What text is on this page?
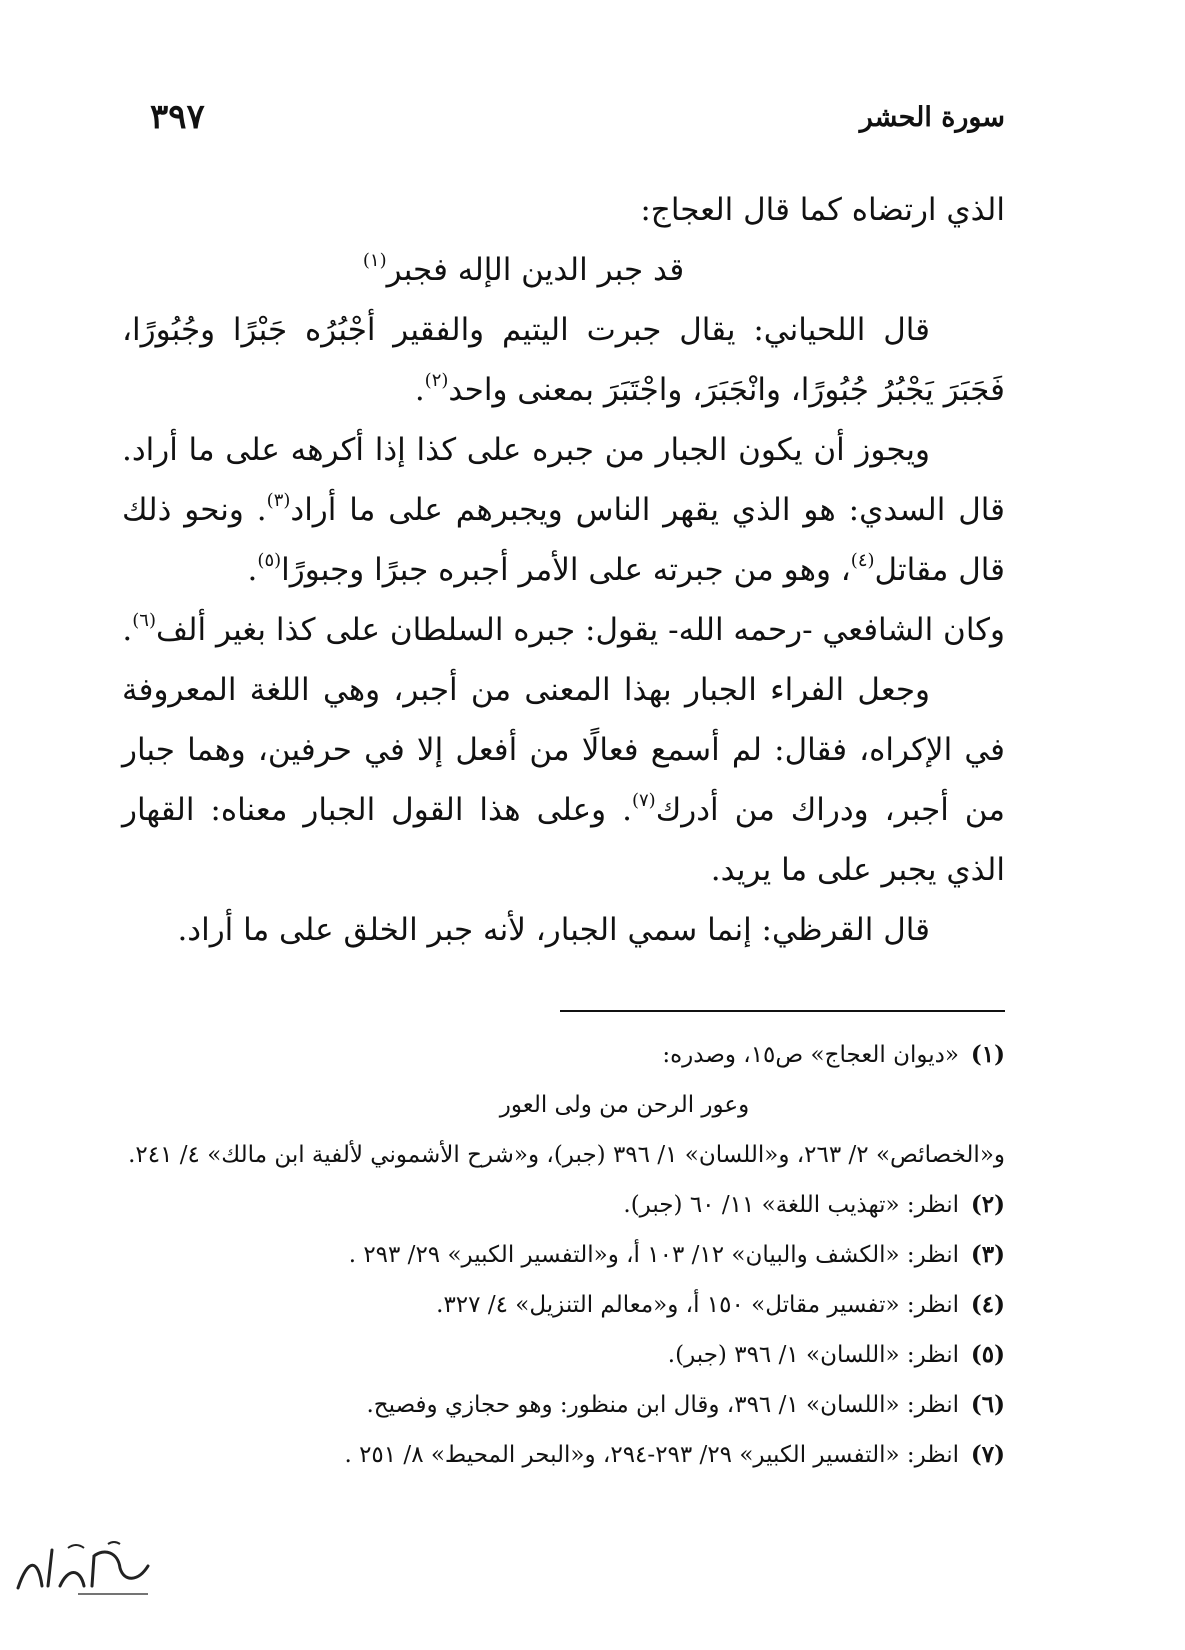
سورة الحشر
٣٩٧

الذي ارتضاه كما قال العجاج:

قد جبر الدين الإله فجبر$^{(١)}$

قال اللحياني: يقال جبرت اليتيم والفقير أجْبُرُه جَبْرًا وجُبُورًا، فَجَبَرَ يَجْبُرُ جُبُورًا، وانْجَبَرَ، واجْتَبَرَ بمعنى واحد$^{(٢)}$.

ويجوز أن يكون الجبار من جبره على كذا إذا أكرهه على ما أراد. قال السدي: هو الذي يقهر الناس ويجبرهم على ما أراد$^{(٣)}$. ونحو ذلك قال مقاتل$^{(٤)}$، وهو من جبرته على الأمر أجبره جبرًا وجبورًا$^{(٥)}$.

وكان الشافعي -رحمه الله- يقول: جبره السلطان على كذا بغير ألف$^{(٦)}$.

وجعل الفراء الجبار بهذا المعنى من أجبر، وهي اللغة المعروفة في الإكراه، فقال: لم أسمع فعالًا من أفعل إلا في حرفين، وهما جبار من أجبر، ودراك من أدرك$^{(٧)}$. وعلى هذا القول الجبار معناه: القهار الذي يجبر على ما يريد.

قال القرظي: إنما سمي الجبار، لأنه جبر الخلق على ما أراد.

(١)
«ديوان العجاج» ص١٥، وصدره:

وعور الرحن من ولى العور

و«الخصائص» ٢/ ٢٦٣، و«اللسان» ١/ ٣٩٦ (جبر)، و«شرح الأشموني لألفية ابن مالك» ٤/ ٢٤١.

(٢)
انظر: «تهذيب اللغة» ١١/ ٦٠ (جبر).
(٣)
انظر: «الكشف والبيان» ١٢/ ١٠٣ أ، و«التفسير الكبير» ٢٩/ ٢٩٣ .
(٤)
انظر: «تفسير مقاتل» ١٥٠ أ، و«معالم التنزيل» ٤/ ٣٢٧.
(٥)
انظر: «اللسان» ١/ ٣٩٦ (جبر).
(٦)
انظر: «اللسان» ١/ ٣٩٦، وقال ابن منظور: وهو حجازي وفصيح.
(٧)
انظر: «التفسير الكبير» ٢٩/ ٢٩٣-٢٩٤، و«البحر المحيط» ٨/ ٢٥١ .
